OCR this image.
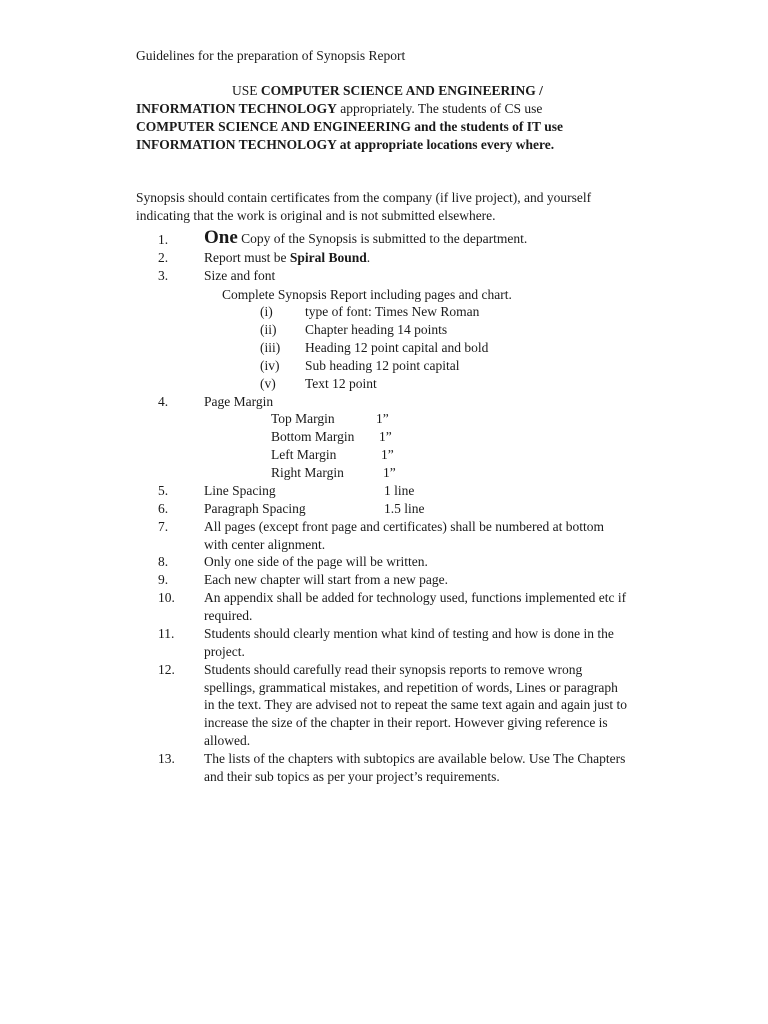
Guidelines for the preparation of Synopsis Report
USE COMPUTER SCIENCE AND ENGINEERING /
INFORMATION TECHNOLOGY appropriately. The students of CS use
COMPUTER SCIENCE AND ENGINEERING and the students of IT use
INFORMATION TECHNOLOGY at appropriate locations every where.
Synopsis should contain certificates from the company (if live project), and yourself
indicating that the work is original and is not submitted elsewhere.
1. One Copy of the Synopsis is submitted to the department.
2.	Report must be Spiral Bound.
3.	Size and font
Complete Synopsis Report including pages and chart.
(i) type of font: Times New Roman
(ii) Chapter heading 14 points
(iii) Heading 12 point capital and bold
(iv) Sub heading 12 point capital
(v) Text 12 point
4.	Page Margin
Top Margin	1”
Bottom Margin 1”
Left Margin	1”
Right Margin	1”
5.	Line Spacing	1 line
6.	Paragraph Spacing	1.5 line
7.	All pages (except front page and certificates) shall be numbered at bottom
with center alignment.
8.	Only one side of the page will be written.
9.	Each new chapter will start from a new page.
10. An appendix shall be added for technology used, functions implemented etc if
required.
11. Students should clearly mention what kind of testing and how is done in the
project.
12. Students should carefully read their synopsis reports to remove wrong
spellings, grammatical mistakes, and repetition of words, Lines or paragraph
in the text. They are advised not to repeat the same text again and again just to
increase the size of the chapter in their report. However giving reference is
allowed.
13. The lists of the chapters with subtopics are available below. Use The Chapters
and their sub topics as per your project’s requirements.
